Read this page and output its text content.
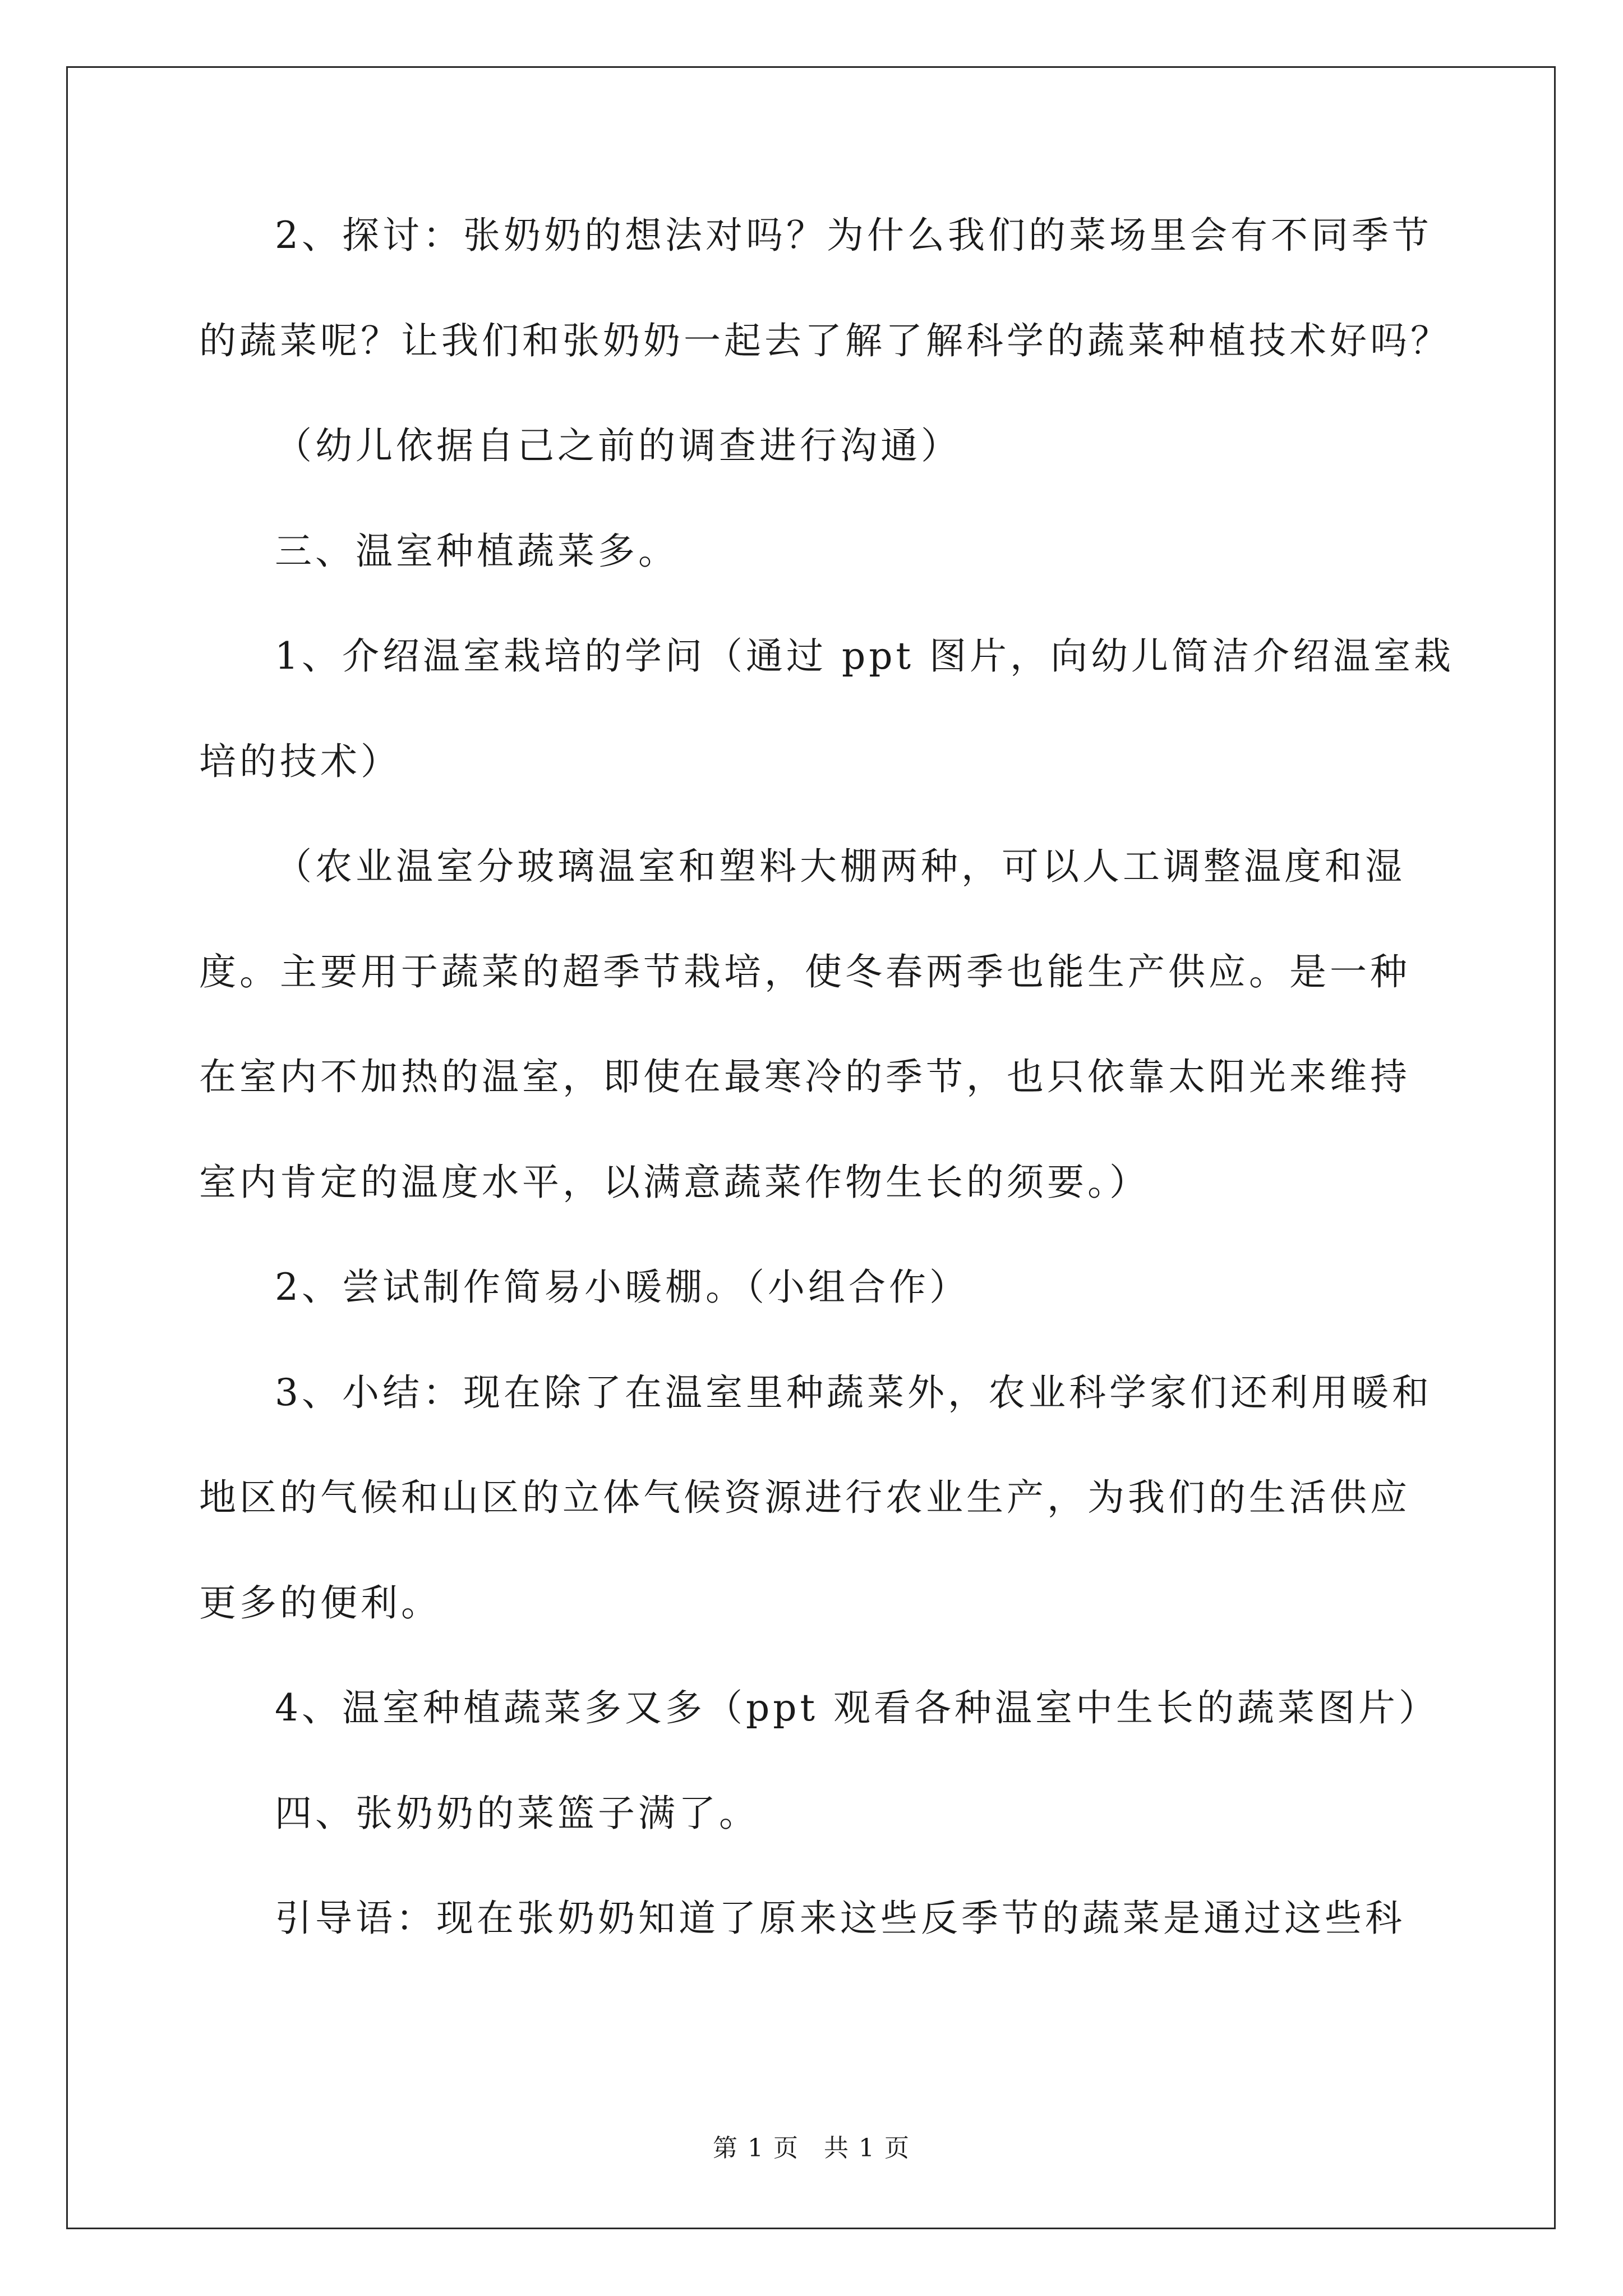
2、探讨：张奶奶的想法对吗？为什么我们的菜场里会有不同季节
的蔬菜呢？让我们和张奶奶一起去了解了解科学的蔬菜种植技术好吗？
（幼儿依据自己之前的调查进行沟通）
三、温室种植蔬菜多。
1、介绍温室栽培的学问（通过 ppt 图片，向幼儿简洁介绍温室栽
培的技术）
（农业温室分玻璃温室和塑料大棚两种，可以人工调整温度和湿
度。主要用于蔬菜的超季节栽培，使冬春两季也能生产供应。是一种
在室内不加热的温室，即使在最寒冷的季节，也只依靠太阳光来维持
室内肯定的温度水平，以满意蔬菜作物生长的须要。）
2、尝试制作简易小暖棚。（小组合作）
3、小结：现在除了在温室里种蔬菜外，农业科学家们还利用暖和
地区的气候和山区的立体气候资源进行农业生产，为我们的生活供应
更多的便利。
4、温室种植蔬菜多又多（ppt 观看各种温室中生长的蔬菜图片）
四、张奶奶的菜篮子满了。
引导语：现在张奶奶知道了原来这些反季节的蔬菜是通过这些科
第 1 页 共 1 页
